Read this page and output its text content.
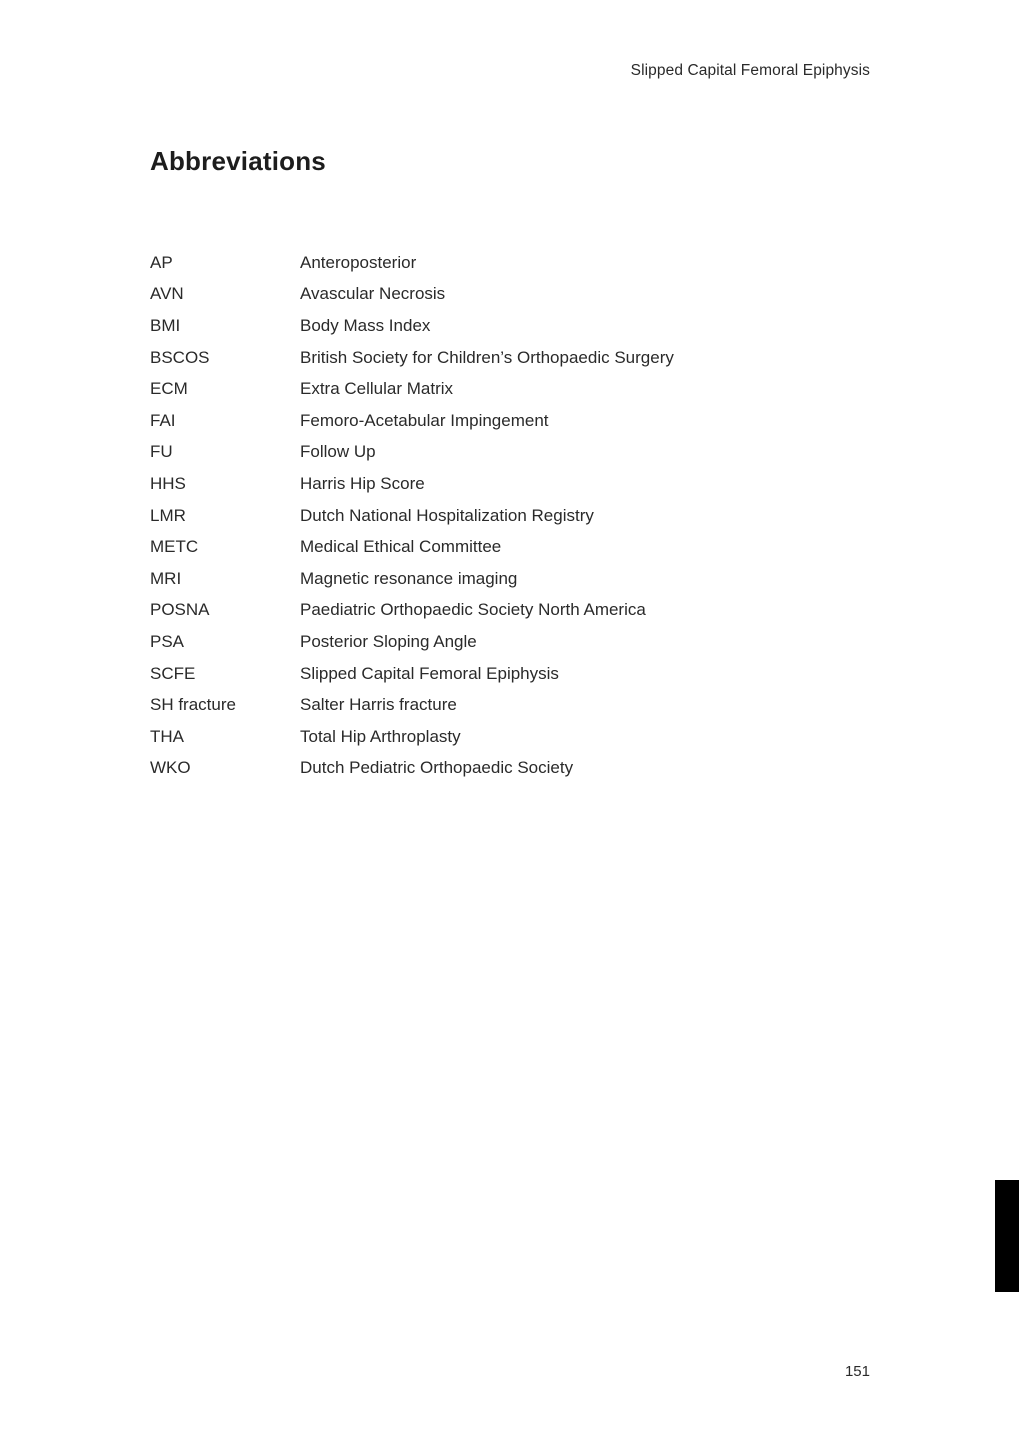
Slipped Capital Femoral Epiphysis
Abbreviations
AP	Anteroposterior
AVN	Avascular Necrosis
BMI	Body Mass Index
BSCOS	British Society for Children’s Orthopaedic Surgery
ECM	Extra Cellular Matrix
FAI	Femoro-Acetabular Impingement
FU	Follow Up
HHS	Harris Hip Score
LMR	Dutch National Hospitalization Registry
METC	Medical Ethical Committee
MRI	Magnetic resonance imaging
POSNA	Paediatric Orthopaedic Society North America
PSA	Posterior Sloping Angle
SCFE	Slipped Capital Femoral Epiphysis
SH fracture	Salter Harris fracture
THA	Total Hip Arthroplasty
WKO	Dutch Pediatric Orthopaedic Society
151
